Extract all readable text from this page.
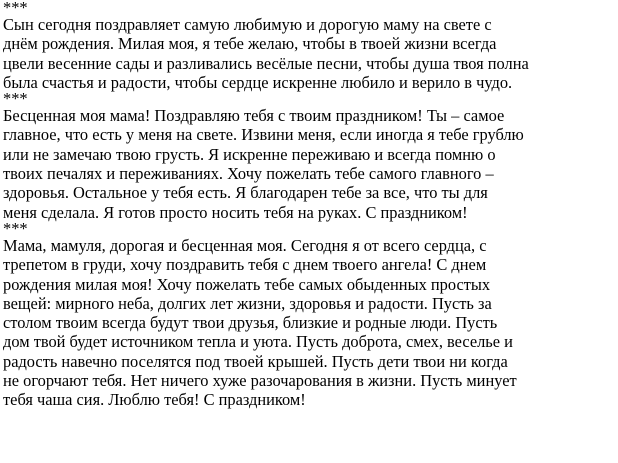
***
Сын сегодня поздравляет самую любимую и дорогую маму на свете с
днём рождения. Милая моя, я тебе желаю, чтобы в твоей жизни всегда
цвели весенние сады и разливались весёлые песни, чтобы душа твоя полна
была счастья и радости, чтобы сердце искренне любило и верило в чудо.
***
Бесценная моя мама! Поздравляю тебя с твоим праздником! Ты – самое
главное, что есть у меня на свете. Извини меня, если иногда я тебе грублю
или не замечаю твою грусть. Я искренне переживаю и всегда помню о
твоих печалях и переживаниях. Хочу пожелать тебе самого главного –
здоровья. Остальное у тебя есть. Я благодарен тебе за все, что ты для
меня сделала. Я готов просто носить тебя на руках. С праздником!
***
Мама, мамуля, дорогая и бесценная моя. Сегодня я от всего сердца, с
трепетом в груди, хочу поздравить тебя с днем твоего ангела! С днем
рождения милая моя! Хочу пожелать тебе самых обыденных простых
вещей: мирного неба, долгих лет жизни, здоровья и радости. Пусть за
столом твоим всегда будут твои друзья, близкие и родные люди. Пусть
дом твой будет источником тепла и уюта. Пусть доброта, смех, веселье и
радость навечно поселятся под твоей крышей. Пусть дети твои ни когда
не огорчают тебя. Нет ничего хуже разочарования в жизни. Пусть минует
тебя чаша сия. Люблю тебя! С праздником!
